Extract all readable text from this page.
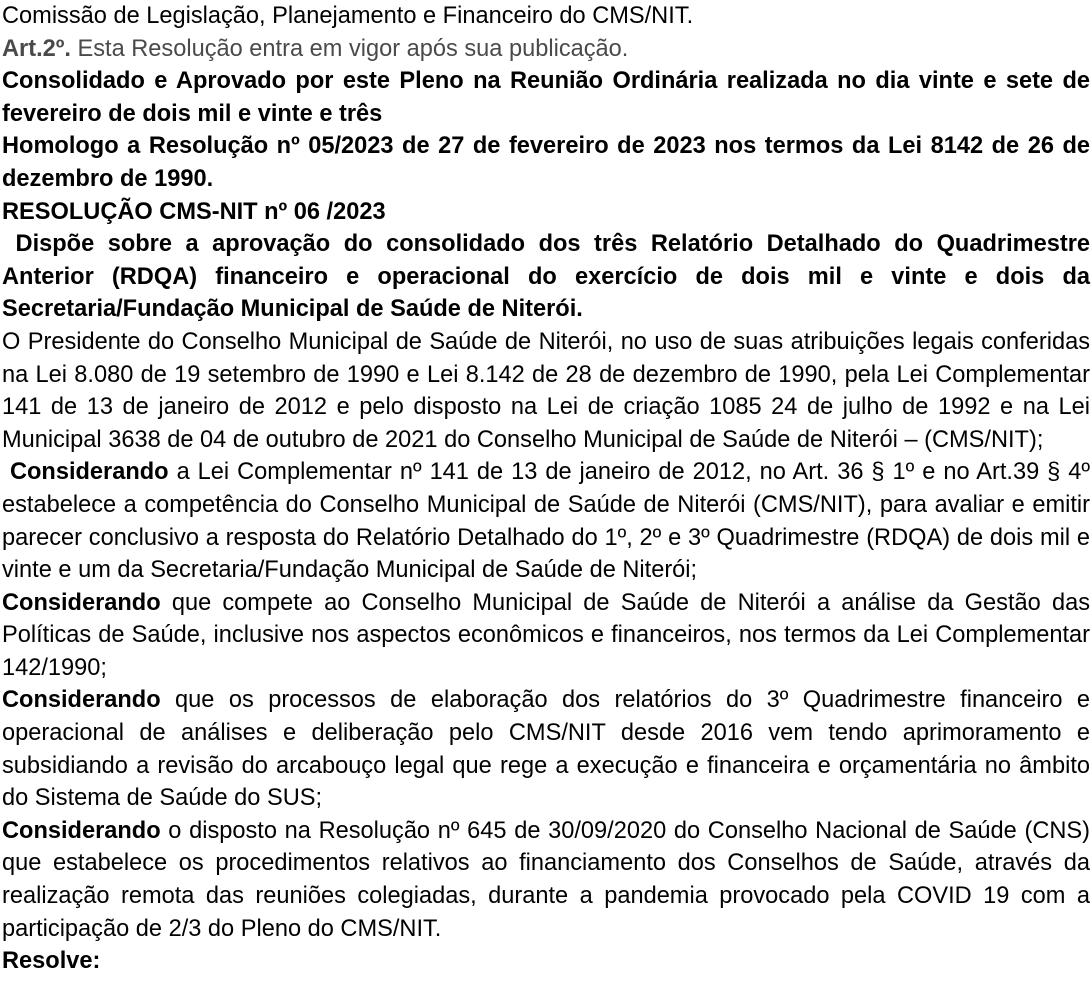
Comissão de Legislação, Planejamento e Financeiro do CMS/NIT.

Art.2º. Esta Resolução entra em vigor após sua publicação.

Consolidado e Aprovado por este Pleno na Reunião Ordinária realizada no dia vinte e sete de fevereiro de dois mil e vinte e três

Homologo a Resolução nº 05/2023 de 27 de fevereiro de 2023 nos termos da Lei 8142 de 26 de dezembro de 1990.

RESOLUÇÃO CMS-NIT nº 06 /2023

Dispõe sobre a aprovação do consolidado dos três Relatório Detalhado do Quadrimestre Anterior (RDQA) financeiro e operacional do exercício de dois mil e vinte e dois da Secretaria/Fundação Municipal de Saúde de Niterói.

O Presidente do Conselho Municipal de Saúde de Niterói, no uso de suas atribuições legais conferidas na Lei 8.080 de 19 setembro de 1990 e Lei 8.142 de 28 de dezembro de 1990, pela Lei Complementar 141 de 13 de janeiro de 2012 e pelo disposto na Lei de criação 1085 24 de julho de 1992 e na Lei Municipal 3638 de 04 de outubro de 2021 do Conselho Municipal de Saúde de Niterói – (CMS/NIT);

Considerando a Lei Complementar nº 141 de 13 de janeiro de 2012, no Art. 36 § 1º e no Art.39 § 4º estabelece a competência do Conselho Municipal de Saúde de Niterói (CMS/NIT), para avaliar e emitir parecer conclusivo a resposta do Relatório Detalhado do 1º, 2º e 3º Quadrimestre (RDQA) de dois mil e vinte e um da Secretaria/Fundação Municipal de Saúde de Niterói;

Considerando que compete ao Conselho Municipal de Saúde de Niterói a análise da Gestão das Políticas de Saúde, inclusive nos aspectos econômicos e financeiros, nos termos da Lei Complementar 142/1990;

Considerando que os processos de elaboração dos relatórios do 3º Quadrimestre financeiro e operacional de análises e deliberação pelo CMS/NIT desde 2016 vem tendo aprimoramento e subsidiando a revisão do arcabouço legal que rege a execução e financeira e orçamentária no âmbito do Sistema de Saúde do SUS;

Considerando o disposto na Resolução nº 645 de 30/09/2020 do Conselho Nacional de Saúde (CNS) que estabelece os procedimentos relativos ao financiamento dos Conselhos de Saúde, através da realização remota das reuniões colegiadas, durante a pandemia provocado pela COVID 19 com a participação de 2/3 do Pleno do CMS/NIT.

Resolve:
